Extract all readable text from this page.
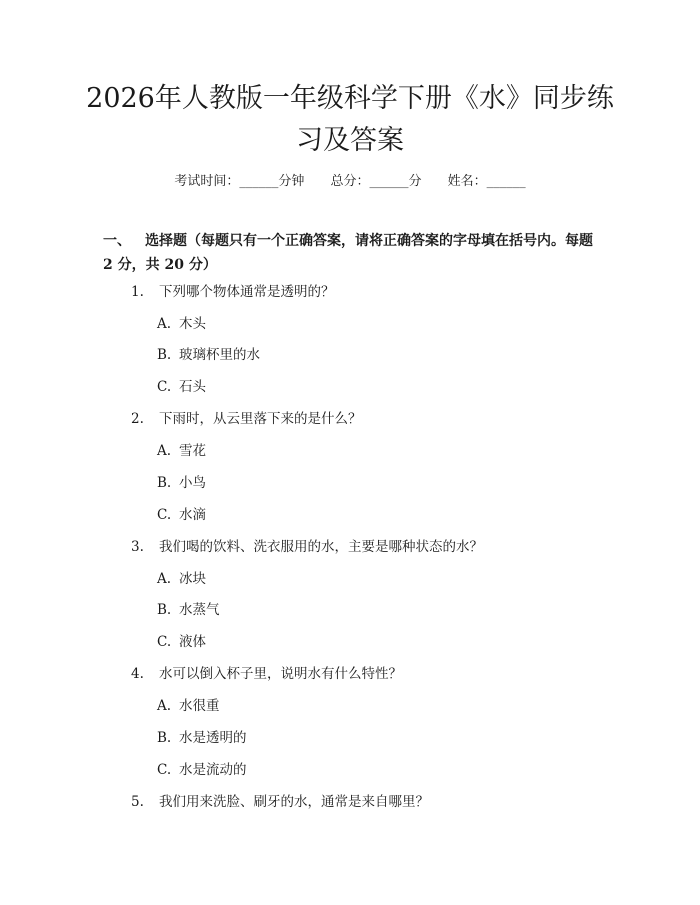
2026年人教版一年级科学下册《水》同步练
习及答案
考试时间：______分钟 总分：______分 姓名：______

一、 选择题（每题只有一个正确答案，请将正确答案的字母填在括号内。每题 2 分，共 20 分）

1. 下列哪个物体通常是透明的？
A. 木头
B. 玻璃杯里的水
C. 石头
2. 下雨时，从云里落下来的是什么？
A. 雪花
B. 小鸟
C. 水滴
3. 我们喝的饮料、洗衣服用的水，主要是哪种状态的水？
A. 冰块
B. 水蒸气
C. 液体
4. 水可以倒入杯子里，说明水有什么特性？
A. 水很重
B. 水是透明的
C. 水是流动的
5. 我们用来洗脸、刷牙的水，通常是来自哪里？
